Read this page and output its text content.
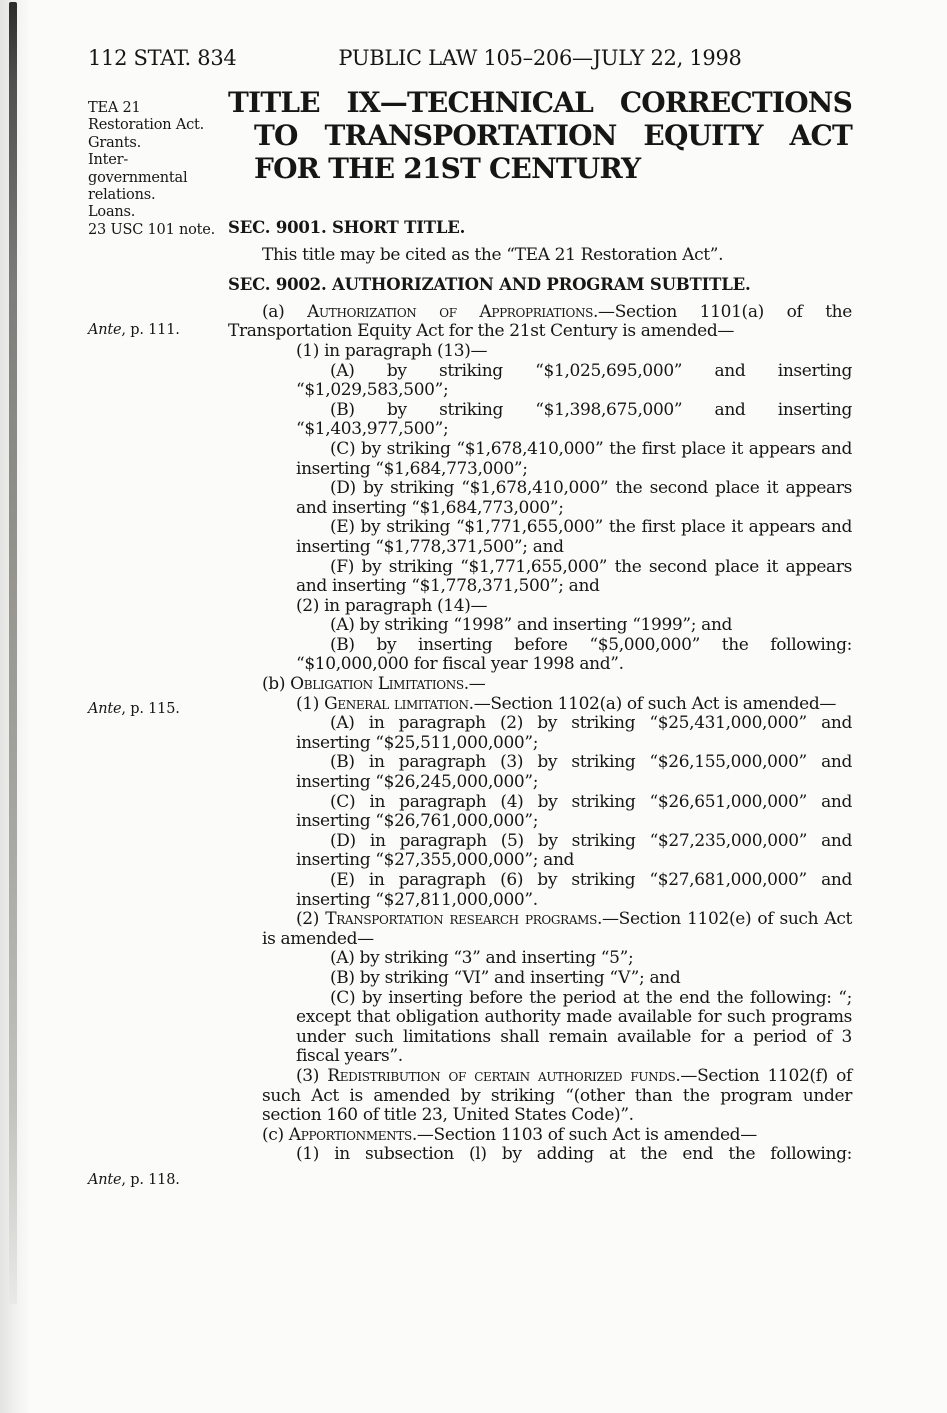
112 STAT. 834	PUBLIC LAW 105–206—JULY 22, 1998
TITLE IX—TECHNICAL CORRECTIONS
TO TRANSPORTATION EQUITY ACT
FOR THE 21ST CENTURY
TEA 21
Restoration Act.
Grants.
Inter-
governmental
relations.
Loans.
23 USC 101 note.
Ante, p. 111.
Ante, p. 115.
Ante, p. 118.
SEC. 9001. SHORT TITLE.
This title may be cited as the “TEA 21 Restoration Act”.
SEC. 9002. AUTHORIZATION AND PROGRAM SUBTITLE.
(a) Authorization of Appropriations.—Section 1101(a) of the Transportation Equity Act for the 21st Century is amended—
(1) in paragraph (13)—
(A) by striking “$1,025,695,000” and inserting “$1,029,583,500”;
(B) by striking “$1,398,675,000” and inserting “$1,403,977,500”;
(C) by striking “$1,678,410,000” the first place it appears and inserting “$1,684,773,000”;
(D) by striking “$1,678,410,000” the second place it appears and inserting “$1,684,773,000”;
(E) by striking “$1,771,655,000” the first place it appears and inserting “$1,778,371,500”; and
(F) by striking “$1,771,655,000” the second place it appears and inserting “$1,778,371,500”; and
(2) in paragraph (14)—
(A) by striking “1998” and inserting “1999”; and
(B) by inserting before “$5,000,000” the following: “$10,000,000 for fiscal year 1998 and”.
(b) Obligation Limitations.—
(1) General limitation.—Section 1102(a) of such Act is amended—
(A) in paragraph (2) by striking “$25,431,000,000” and inserting “$25,511,000,000”;
(B) in paragraph (3) by striking “$26,155,000,000” and inserting “$26,245,000,000”;
(C) in paragraph (4) by striking “$26,651,000,000” and inserting “$26,761,000,000”;
(D) in paragraph (5) by striking “$27,235,000,000” and inserting “$27,355,000,000”; and
(E) in paragraph (6) by striking “$27,681,000,000” and inserting “$27,811,000,000”.
(2) Transportation research programs.—Section 1102(e) of such Act is amended—
(A) by striking “3” and inserting “5”;
(B) by striking “VI” and inserting “V”; and
(C) by inserting before the period at the end the following: “; except that obligation authority made available for such programs under such limitations shall remain available for a period of 3 fiscal years”.
(3) Redistribution of certain authorized funds.—Section 1102(f) of such Act is amended by striking “(other than the program under section 160 of title 23, United States Code)”.
(c) Apportionments.—Section 1103 of such Act is amended—
(1) in subsection (l) by adding at the end the following:
